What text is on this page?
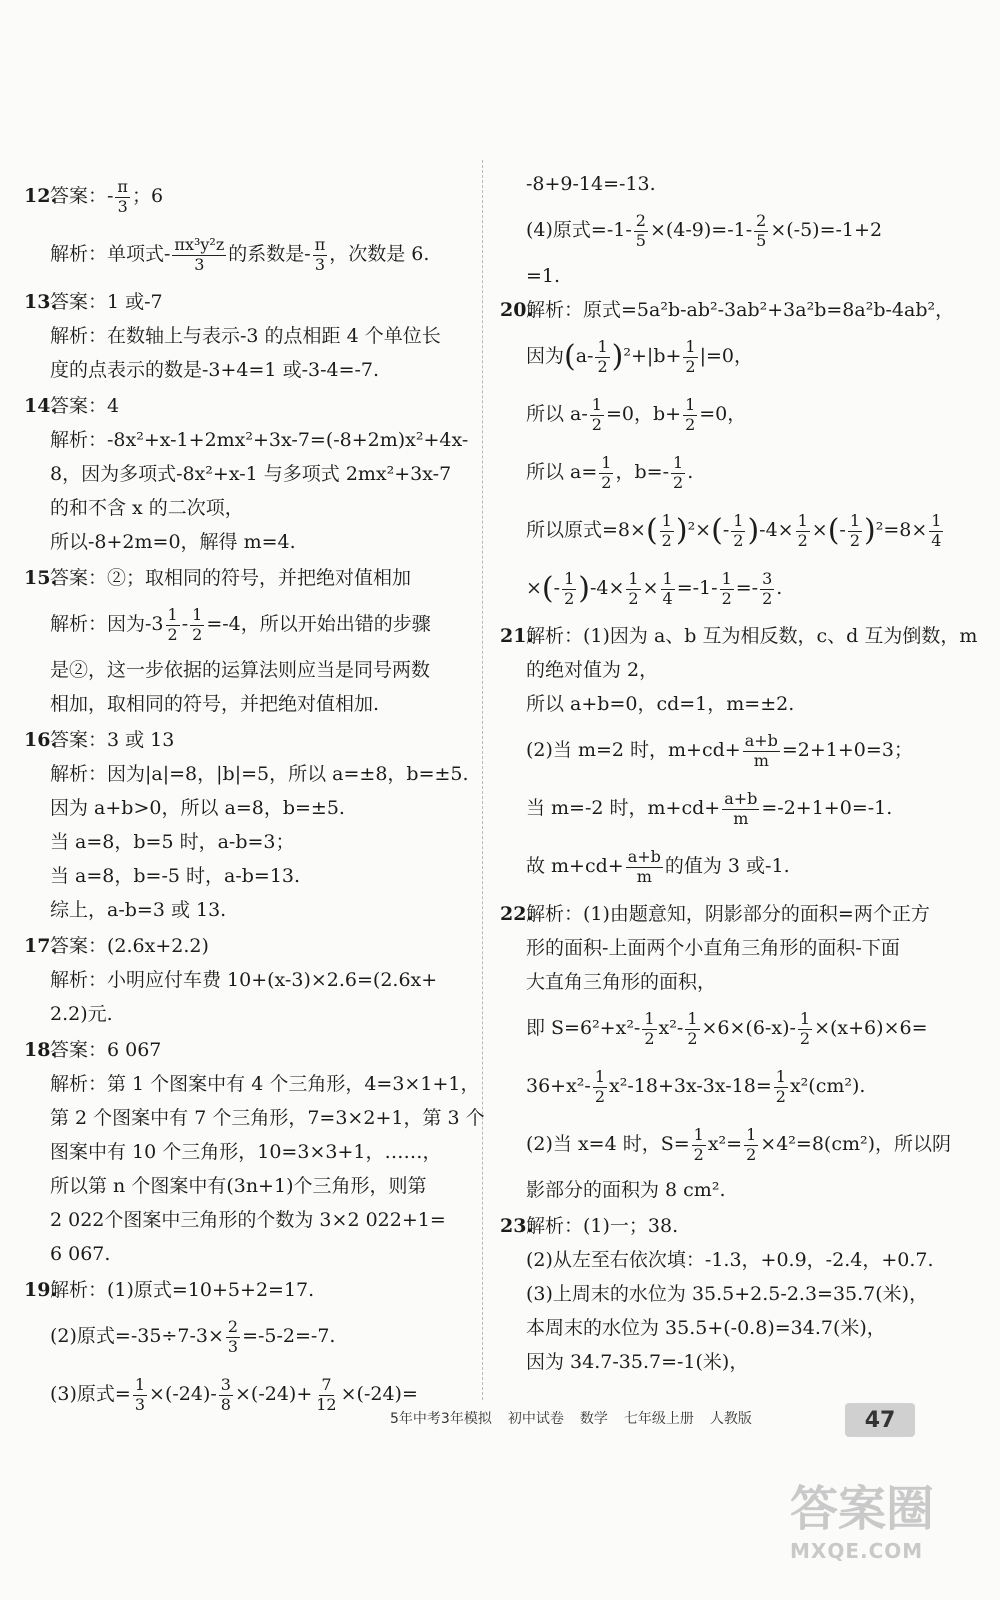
12.
答案：- $\frac{\pi}{3}$ ；6
解析：单项式- $\frac{\text{πx³y²z}}{3}$ 的系数是- $\frac{\pi}{3}$ ，次数是 6.
13.
答案：1 或-7
解析：在数轴上与表示-3 的点相距 4 个单位长
度的点表示的数是-3+4=1 或-3-4=-7.
14.
答案：4
解析：-8x²+x-1+2mx²+3x-7=(-8+2m)x²+4x-
8，因为多项式-8x²+x-1 与多项式 2mx²+3x-7
的和不含 x 的二次项，
所以-8+2m=0，解得 m=4.
15.
答案：②；取相同的符号，并把绝对值相加
解析：因为$-3 \frac{1}{2} - \frac{1}{2} =-4$，所以开始出错的步骤
是②，这一步依据的运算法则应当是同号两数
相加，取相同的符号，并把绝对值相加.
16.
答案：3 或 13
解析：因为|a|=8，|b|=5，所以 a=±8，b=±5.
因为 a+b>0，所以 a=8，b=±5.
当 a=8，b=5 时，a-b=3；
当 a=8，b=-5 时，a-b=13.
综上，a-b=3 或 13.
17.
答案：(2.6x+2.2)
解析：小明应付车费 10+(x-3)×2.6=(2.6x+
2.2)元.
18.
答案：6 067
解析：第 1 个图案中有 4 个三角形，4=3×1+1，
第 2 个图案中有 7 个三角形，7=3×2+1，第 3 个
图案中有 10 个三角形，10=3×3+1，……，
所以第 n 个图案中有(3n+1)个三角形，则第
2 022个图案中三角形的个数为 3×2 022+1=
6 067.
19.
解析：(1)原式=10+5+2=17.
(2)原式$=-35\div 7-3\times \frac{2}{3} =-5-2=-7$.
(3)原式= $\frac{1}{3} \times(-24)- \frac{3}{8} \times(-24)+ \frac{7}{12} \times(-24)=$
-8+9-14=-13.
(4)原式$=-1- \frac{2}{5} \times(4-9)=-1- \frac{2}{5} \times(-5)=-1+2$
=1.
20.
解析：原式=5a²b-ab²-3ab²+3a²b=8a²b-4ab²，
因为 ( $a- \frac{1}{2}$ ) $^2+|b+ \frac{1}{2} |=0$，
所以 $a- \frac{1}{2} =0$，$b+ \frac{1}{2} =0$，
所以 $a= \frac{1}{2}$ ，$b=- \frac{1}{2}$ .
所以原式=8× ( $\frac{1}{2}$ ) ²× ( - $\frac{1}{2}$ ) $-4\times \frac{1}{2}$ × ( - $\frac{1}{2}$ ) $^2=8\times \frac{1}{4}$
× ( - $\frac{1}{2}$ ) $-4\times \frac{1}{2} \times \frac{1}{4} =-1- \frac{1}{2} =- \frac{3}{2}$ .
21.
解析：(1)因为 a、b 互为相反数，c、d 互为倒数，m
的绝对值为 2，
所以 a+b=0，cd=1，m=±2.
(2)当 m=2 时，$m+cd+ \frac{a+b}{m} =2+1+0=3$；
当 m=-2 时，$m+cd+ \frac{a+b}{m} =-2+1+0=-1$.
故 $m+cd+ \frac{a+b}{m}$ 的值为 3 或-1.
22.
解析：(1)由题意知，阴影部分的面积=两个正方
形的面积-上面两个小直角三角形的面积-下面
大直角三角形的面积，
即 $S=6^2+x^2- \frac{1}{2} x^2- \frac{1}{2} \times 6\times(6-x)- \frac{1}{2} \times(x+6)\times 6=$
$36+x^2- \frac{1}{2} x^2-18+3x-3x-18= \frac{1}{2} x^2(cm^2)$.
(2)当 x=4 时，$S= \frac{1}{2} x^2= \frac{1}{2} \times 4^2=8(cm^2)$，所以阴
影部分的面积为 8 cm².
23.
解析：(1)一；38.
(2)从左至右依次填：-1.3，+0.9，-2.4，+0.7.
(3)上周末的水位为 35.5+2.5-2.3=35.7(米)，
本周末的水位为 35.5+(-0.8)=34.7(米)，
因为 34.7-35.7=-1(米)，
5年中考3年模拟 初中试卷 数学 七年级上册 人教版	47
答案圈
MXQE.COM
